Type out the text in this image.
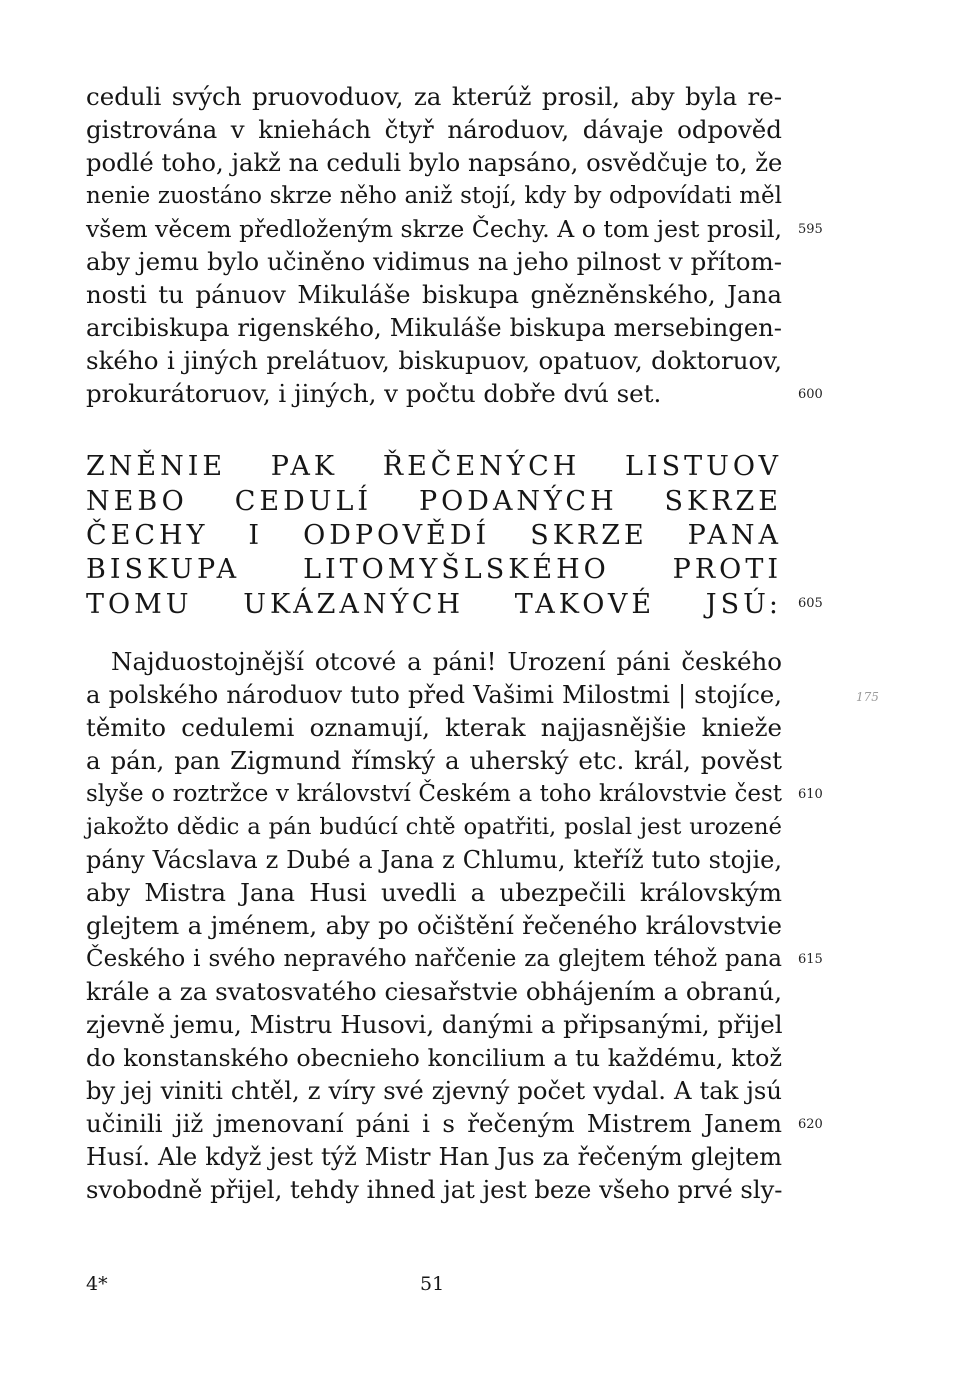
ceduli svých pruovoduov, za kterúž prosil, aby byla re-
gistrována v kniehách čtyř národuov, dávaje odpověd
podlé toho, jakž na ceduli bylo napsáno, osvědčuje to, že
nenie zuostáno skrze něho aniž stojí, kdy by odpovídati měl
všem věcem předloženým skrze Čechy. A o tom jest prosil,
aby jemu bylo učiněno vidimus na jeho pilnost v přítom-
nosti tu pánuov Mikuláše biskupa gnězněnského, Jana
arcibiskupa rigenského, Mikuláše biskupa mersebingen-
ského i jiných prelátuov, biskupuov, opatuov, doktoruov,
prokurátoruov, i jiných, v počtu dobře dvú set.
ZNĚNIE PAK ŘEČENÝCH LISTUOV
NEBO CEDULÍ PODANÝCH SKRZE
ČECHY I ODPOVĚDÍ SKRZE PANA
BISKUPA LITOMYŠLSKÉHO PROTI
TOMU UKÁZANÝCH TAKOVÉ JSÚ:
Najduostojnější otcové a páni! Urození páni českého
a polského národuov tuto před Vašimi Milostmi | stojíce,
těmito cedulemi oznamují, kterak najjasnějšie knieže
a pán, pan Zigmund římský a uherský etc. král, pověst
slyše o roztržce v království Českém a toho královstvie čest
jakožto dědic a pán budúcí chtě opatřiti, poslal jest urozené
pány Vácslava z Dubé a Jana z Chlumu, kteříž tuto stojie,
aby Mistra Jana Husi uvedli a ubezpečili královským
glejtem a jménem, aby po očištění řečeného královstvie
Českého i svého nepravého nařčenie za glejtem téhož pana
krále a za svatosvatého ciesařstvie obhájením a obranú,
zjevně jemu, Mistru Husovi, danými a připsanými, přijel
do konstanského obecnieho koncilium a tu každému, ktož
by jej viniti chtěl, z víry své zjevný počet vydal. A tak jsú
učinili již jmenovaní páni i s řečeným Mistrem Janem
Husí. Ale když jest týž Mistr Han Jus za řečeným glejtem
svobodně přijel, tehdy ihned jat jest beze všeho prvé sly-
595
600
605
610
615
620
175
4*	51
